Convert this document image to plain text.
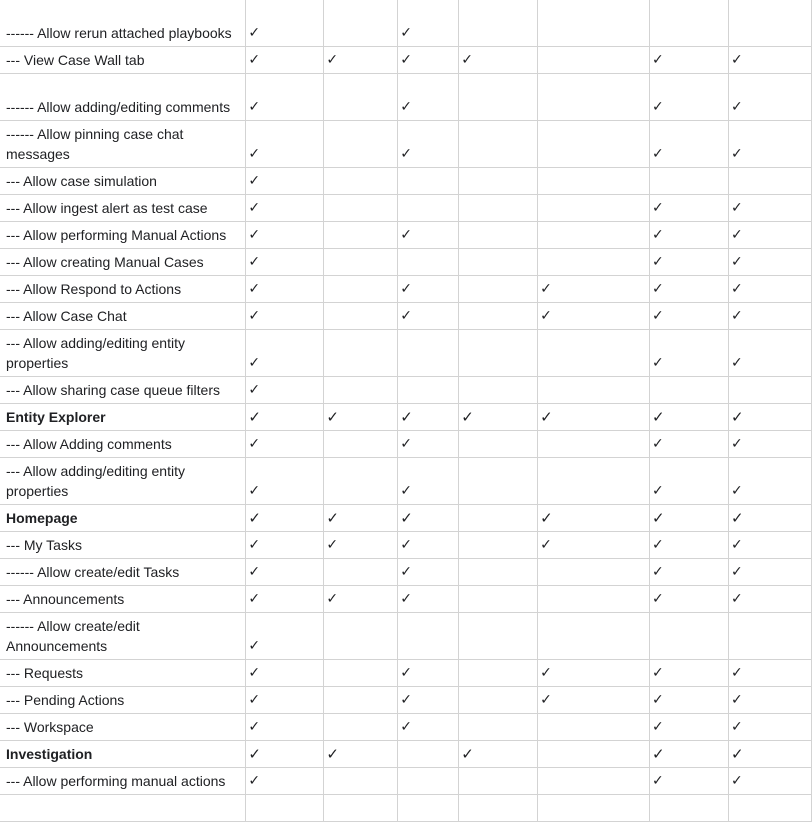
------ Allow rerun attached playbooks	✓		✓				
--- View Case Wall tab	✓	✓	✓	✓		✓	✓
------ Allow adding/editing comments	✓		✓			✓	✓
------ Allow pinning case chat messages	✓		✓			✓	✓
--- Allow case simulation	✓						
--- Allow ingest alert as test case	✓					✓	✓
--- Allow performing Manual Actions	✓		✓			✓	✓
--- Allow creating Manual Cases	✓					✓	✓
--- Allow Respond to Actions	✓		✓		✓	✓	✓
--- Allow Case Chat	✓		✓		✓	✓	✓
--- Allow adding/editing entity properties	✓					✓	✓
--- Allow sharing case queue filters	✓						
Entity Explorer	✓	✓	✓	✓	✓	✓	✓
--- Allow Adding comments	✓		✓			✓	✓
--- Allow adding/editing entity properties	✓		✓			✓	✓
Homepage	✓	✓	✓		✓	✓	✓
--- My Tasks	✓	✓	✓		✓	✓	✓
------ Allow create/edit Tasks	✓		✓			✓	✓
--- Announcements	✓	✓	✓			✓	✓
------ Allow create/edit Announcements	✓						
--- Requests	✓		✓		✓	✓	✓
--- Pending Actions	✓		✓		✓	✓	✓
--- Workspace	✓		✓			✓	✓
Investigation	✓	✓		✓		✓	✓
--- Allow performing manual actions	✓					✓	✓
